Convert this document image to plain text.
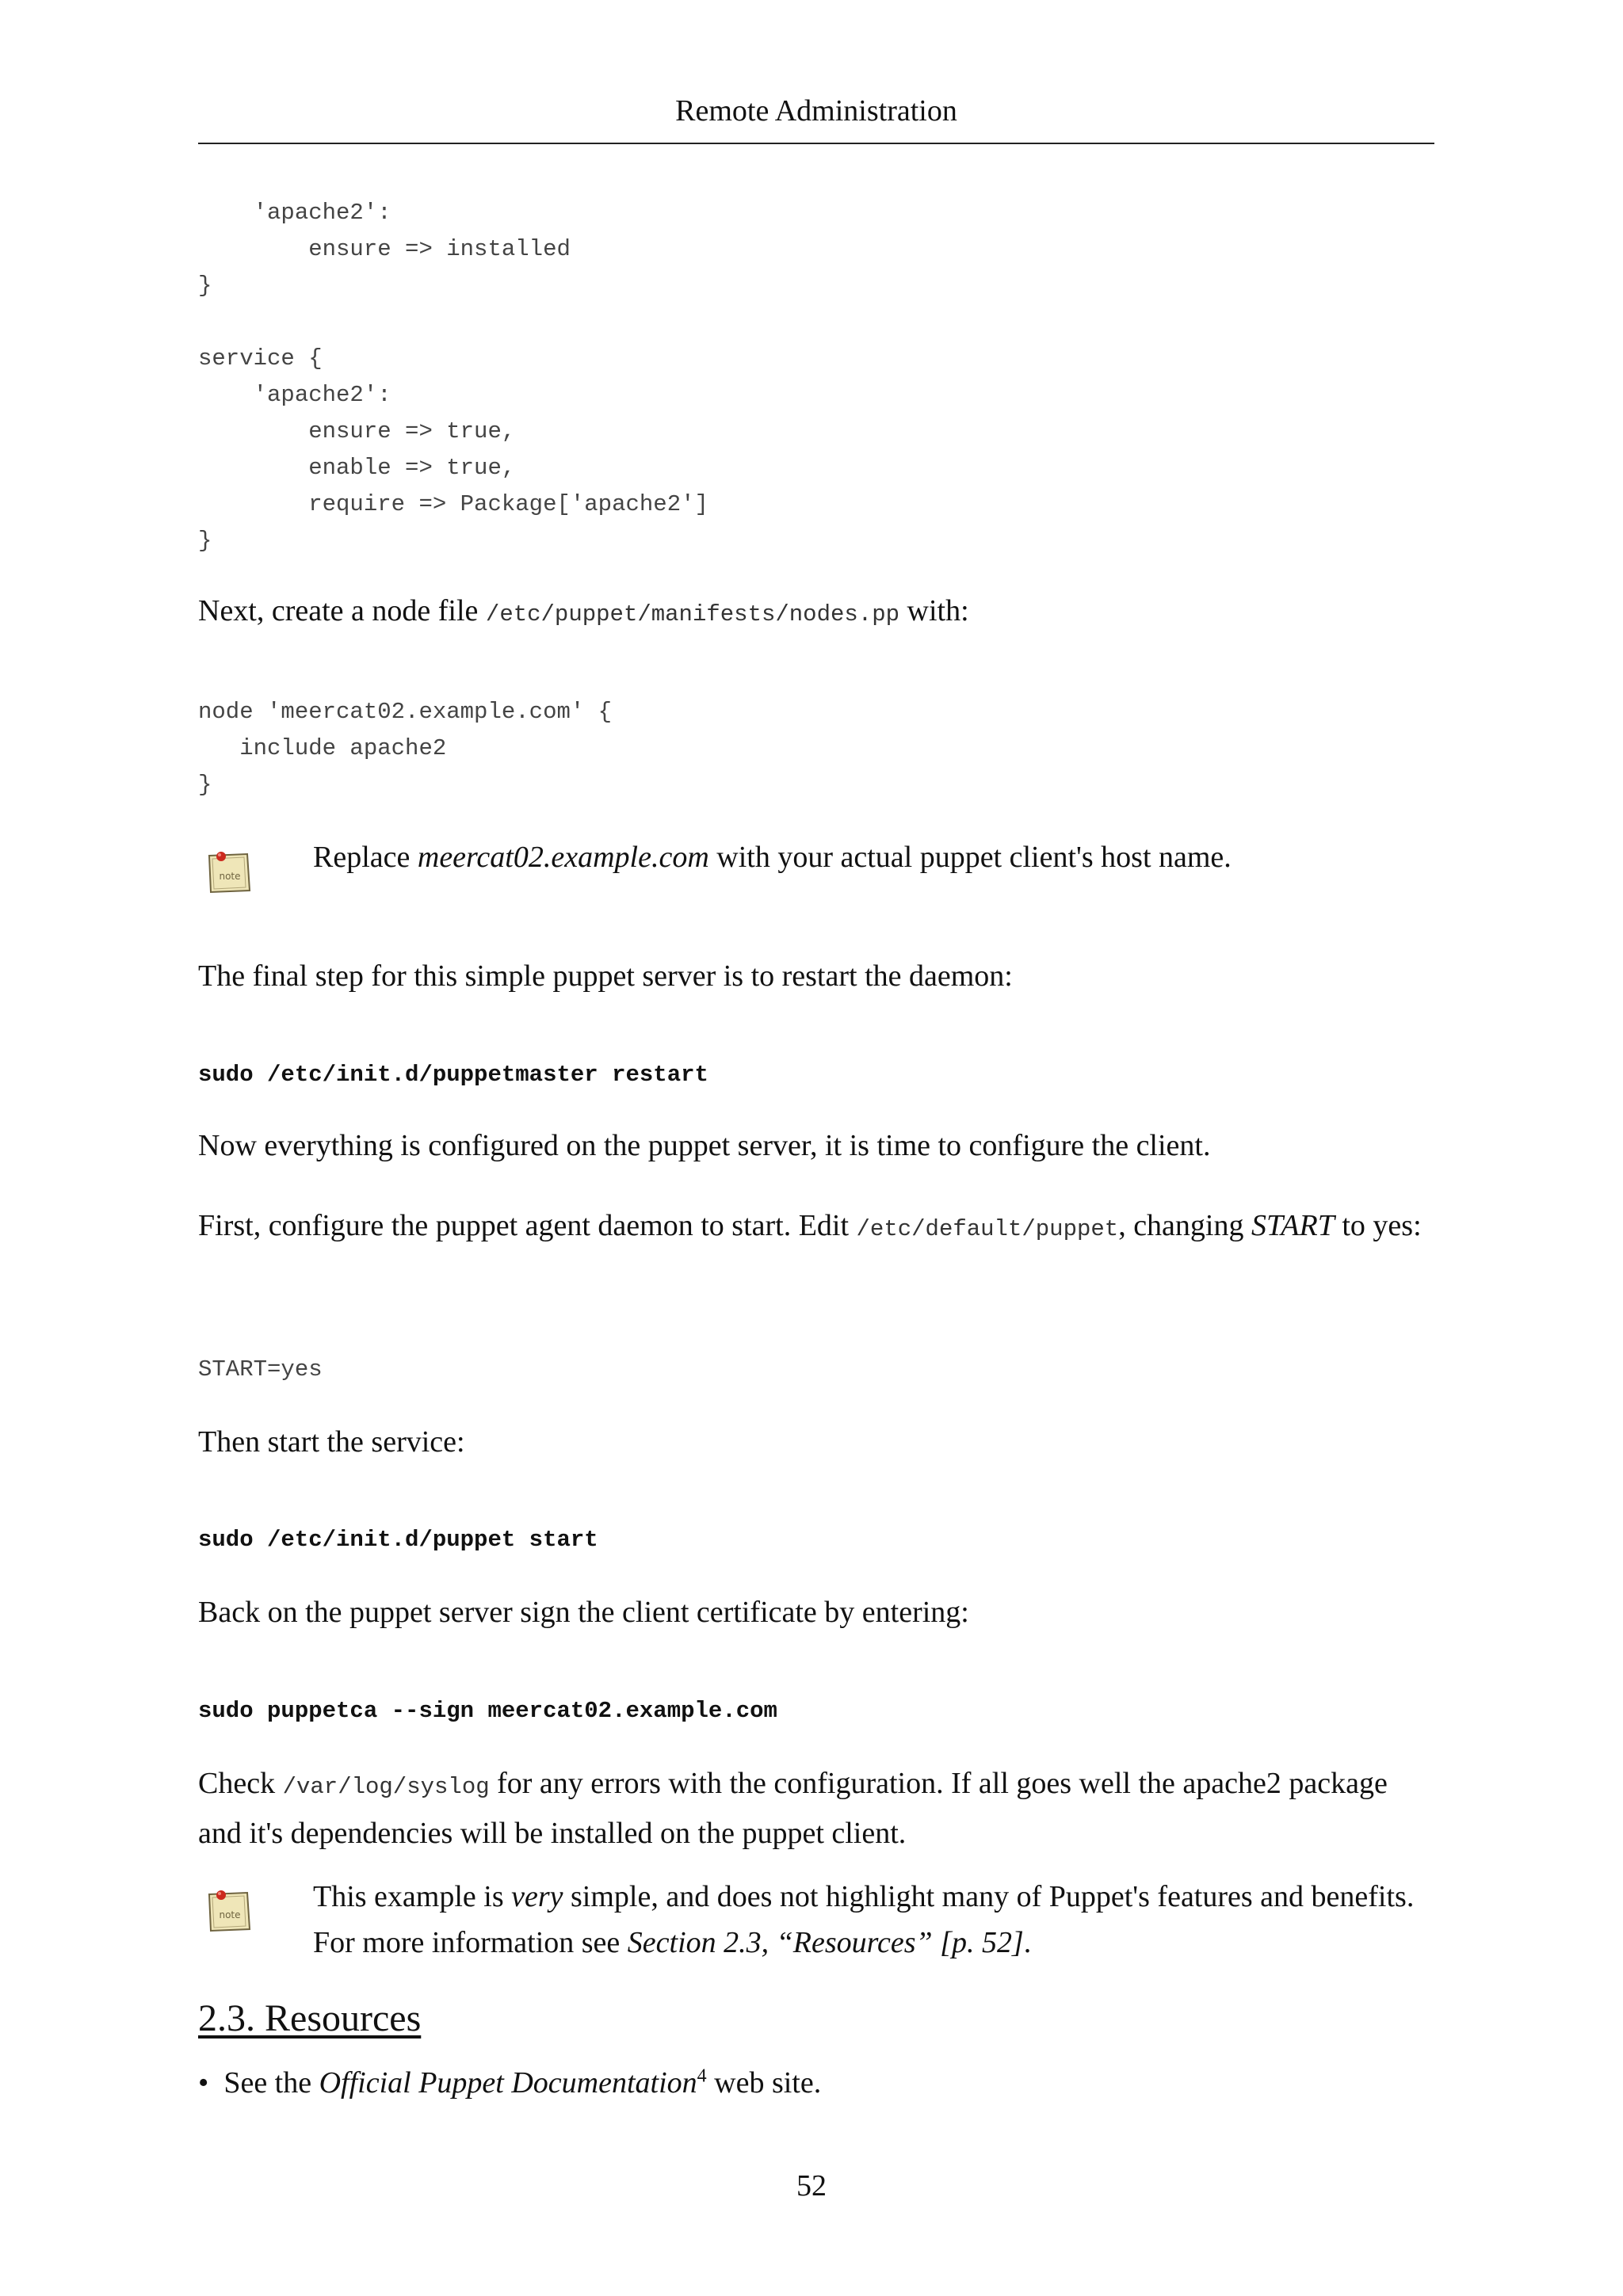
Remote Administration
'apache2':
ensure => installed
}
service {
'apache2':
ensure => true,
enable => true,
require => Package['apache2']
}
Next, create a node file /etc/puppet/manifests/nodes.pp with:
node 'meercat02.example.com' {
include apache2
}
note
Replace meercat02.example.com with your actual puppet client's host name.
The final step for this simple puppet server is to restart the daemon:
sudo /etc/init.d/puppetmaster restart
Now everything is configured on the puppet server, it is time to configure the client.
First, configure the puppet agent daemon to start. Edit /etc/default/puppet, changing START to yes:
START=yes
Then start the service:
sudo /etc/init.d/puppet start
Back on the puppet server sign the client certificate by entering:
sudo puppetca --sign meercat02.example.com
Check /var/log/syslog for any errors with the configuration. If all goes well the apache2 package and it's dependencies will be installed on the puppet client.
note
This example is very simple, and does not highlight many of Puppet's features and benefits. For more information see Section 2.3, “Resources” [p. 52].
2.3. Resources
• See the Official Puppet Documentation$^4$ web site.
52
